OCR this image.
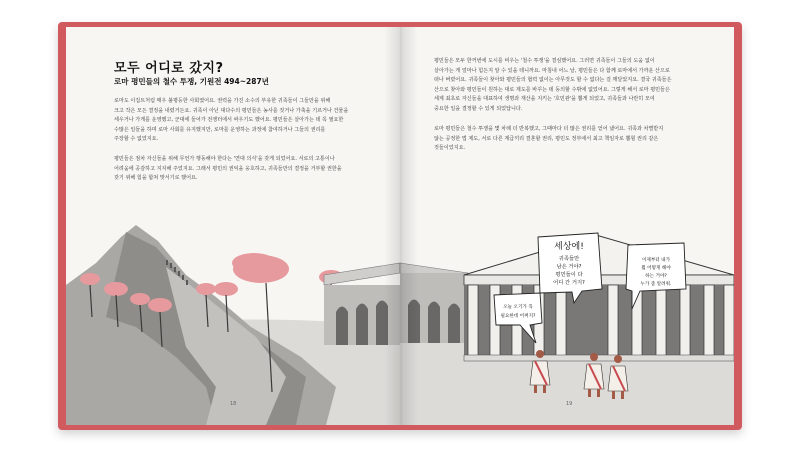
세상에!
귀족들만
남은 거야?
평민들이 다
어디 간 거지?
이제부터 내가
뭘 어떻게 해야
하는 거야?
누가 좀 알려줘.
오늘 오기가 꼭
필요한데 어쩌지?
모두 어디로 갔지?
로마 평민들의 철수 투쟁, 기원전 494~287년
로마도 이집트처럼 매우 불평등한 사회였어요. 권력을 가진 소수의 부유한 귀족들이 그들만을 위해
크고 작은 모든 결정을 내렸거든요. 귀족이 아닌 대다수의 평민들은 농사를 짓거나 가축을 기르거나 건물을
세우거나 가게를 운영했고, 군대에 들어가 전쟁터에서 싸우기도 했어요. 평민들은 살아가는 데 꼭 필요한
수많은 일들을 하며 로마 사회를 유지했지만, 로마를 운영하는 과정에 참여하거나 그들의 권리를
주장할 수 없었지요.
평민들은 점차 자신들을 위해 무언가 행동해야 한다는 '연대 의식'을 갖게 되었어요. 서로의 고통이나
어려움에 공감하고 지지해 주었지요. 그래서 평민의 권익을 옹호하고, 귀족들만의 결정을 거부할 권한을
갖기 위해 힘을 합쳐 맞서기로 했어요.
18
평민들은 모두 한꺼번에 도시를 비우는 '철수 투쟁'을 결심했어요. 그러면 귀족들이 그들의 도움 없이
살아가는 게 얼마나 힘든지 알 수 있을 테니까요. 마침내 어느 날, 평민들은 다 함께 로마에서 가까운 산으로
떠나 버렸어요. 귀족들이 찾아와 평민들의 협력 없이는 아무것도 할 수 없다는 걸 깨달았지요. 결국 귀족들은
산으로 찾아와 평민들이 원하는 대로 제도를 바꾸는 데 동의할 수밖에 없었어요. 그렇게 해서 로마 평민들은
세계 최초로 자신들을 대표하여 생명과 재산을 지키는 '호민관'을 뽑게 되었고, 귀족들과 나란히 모여
중요한 일을 결정할 수 있게 되었답니다.
로마 평민들은 철수 투쟁을 몇 차례 더 반복했고, 그때마다 더 많은 권리를 얻어 냈어요. 귀족과 차별받지
않는 공정한 법 제도, 서로 다른 계급끼리 결혼할 권리, 평민도 정부에서 최고 책임자로 뽑힐 권리 같은
것들이었지요.
19
